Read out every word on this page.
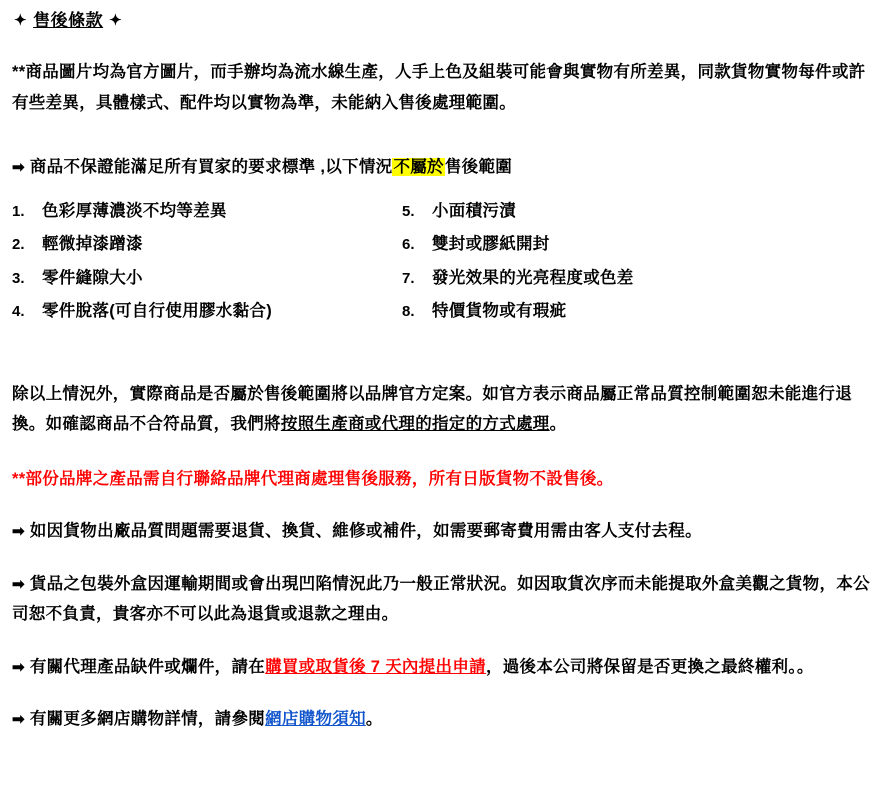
✦ 售後條款 ✦
**商品圖片均為官方圖片，而手辦均為流水線生產，人手上色及組裝可能會與實物有所差異，同款貨物實物每件或許有些差異，具體樣式、配件均以實物為準，未能納入售後處理範圍。
➡ 商品不保證能滿足所有買家的要求標準 ,以下情況不屬於售後範圍
1.	色彩厚薄濃淡不均等差異
2.	輕微掉漆蹭漆
3.	零件縫隙大小
4.	零件脫落(可自行使用膠水黏合)
5.	小面積污漬
6.	雙封或膠紙開封
7.	發光效果的光亮程度或色差
8.	特價貨物或有瑕疵
除以上情況外，實際商品是否屬於售後範圍將以品牌官方定案。如官方表示商品屬正常品質控制範圍恕未能進行退換。如確認商品不合符品質，我們將按照生產商或代理的指定的方式處理。
**部份品牌之產品需自行聯絡品牌代理商處理售後服務，所有日版貨物不設售後。
➡ 如因貨物出廠品質問題需要退貨、換貨、維修或補件，如需要郵寄費用需由客人支付去程。
➡ 貨品之包裝外盒因運輸期間或會出現凹陷情況此乃一般正常狀況。如因取貨次序而未能提取外盒美觀之貨物，本公司恕不負責，貴客亦不可以此為退貨或退款之理由。
➡ 有關代理產品缺件或爛件，請在購買或取貨後 7 天內提出申請，過後本公司將保留是否更換之最終權利。。
➡ 有關更多網店購物詳情，請參閱網店購物須知。
